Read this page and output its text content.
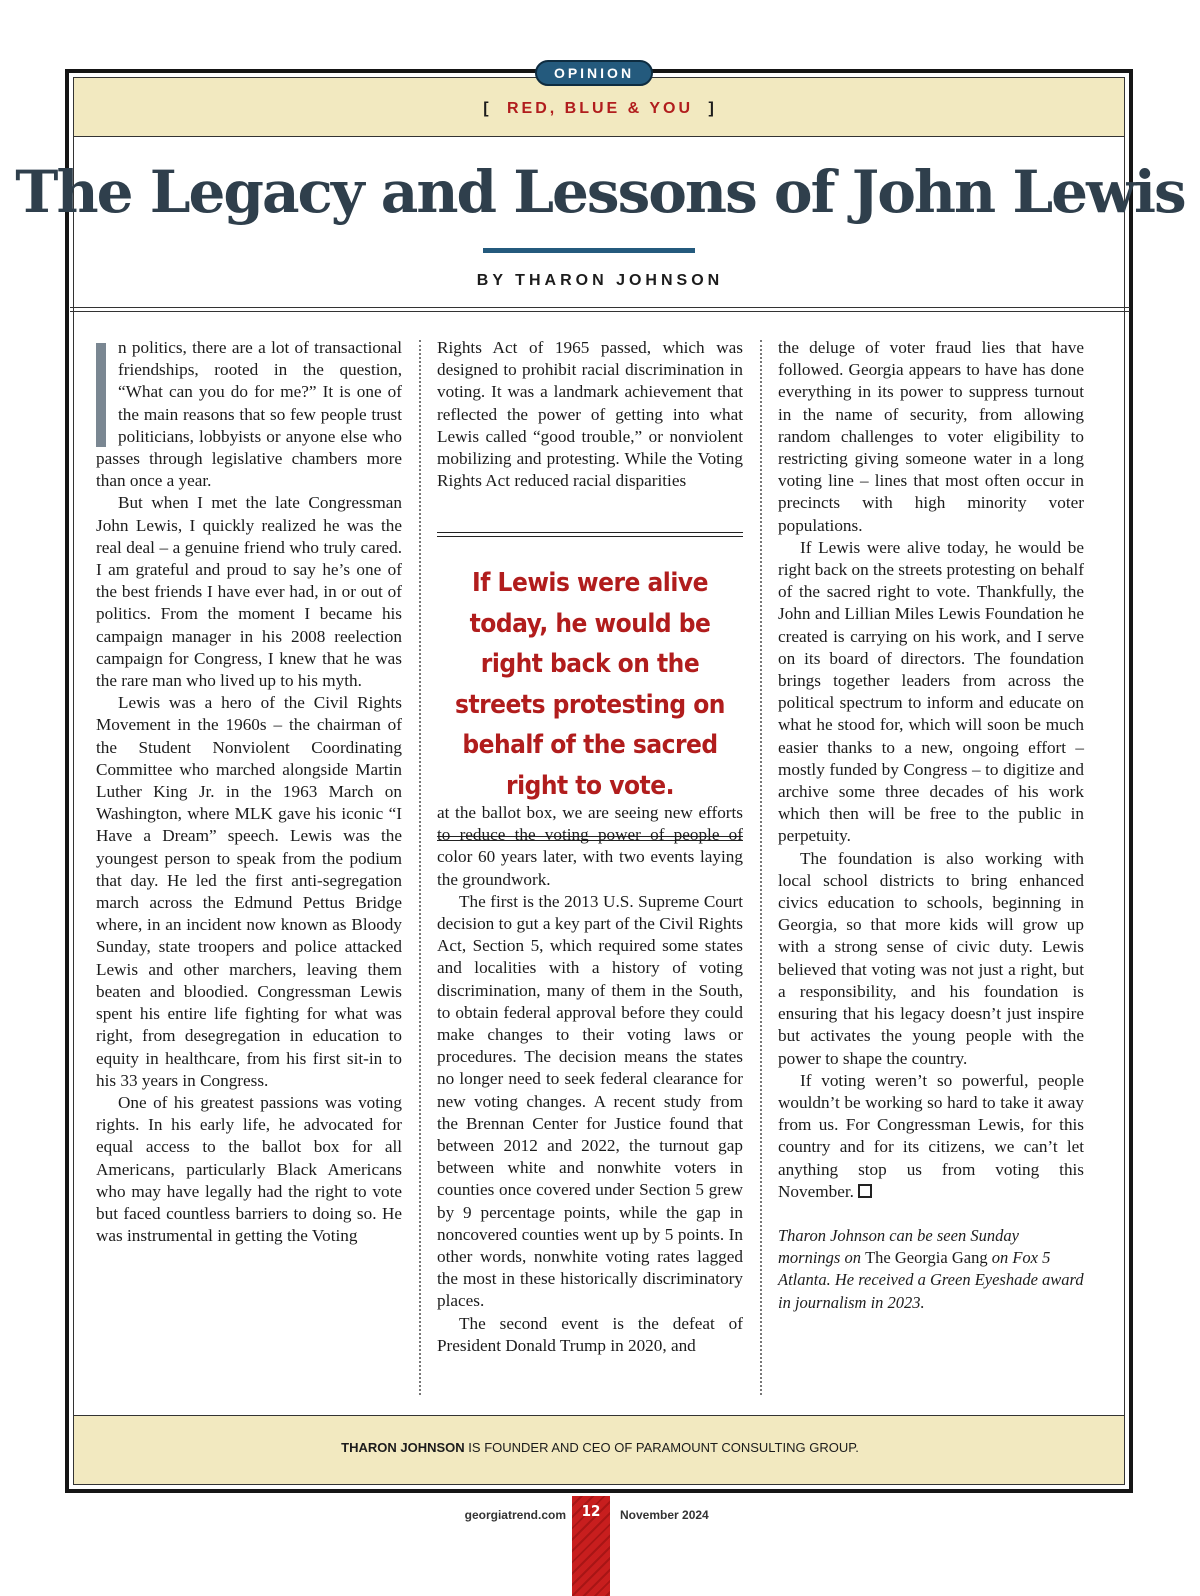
OPINION
[ RED, BLUE & YOU ]
The Legacy and Lessons of John Lewis
BY THARON JOHNSON

n politics, there are a lot of transactional friendships, rooted in the question, “What can you do for me?” It is one of the main reasons that so few people trust politicians, lobbyists or anyone else who passes through legislative chambers more than once a year.

But when I met the late Congressman John Lewis, I quickly realized he was the real deal – a genuine friend who truly cared. I am grateful and proud to say he’s one of the best friends I have ever had, in or out of politics. From the moment I became his campaign manager in his 2008 reelection campaign for Congress, I knew that he was the rare man who lived up to his myth.

Lewis was a hero of the Civil Rights Movement in the 1960s – the chairman of the Student Nonviolent Coordinating Committee who marched alongside Martin Luther King Jr. in the 1963 March on Washington, where MLK gave his iconic “I Have a Dream” speech. Lewis was the youngest person to speak from the podium that day. He led the first anti-segregation march across the Edmund Pettus Bridge where, in an incident now known as Bloody Sunday, state troopers and police attacked Lewis and other marchers, leaving them beaten and bloodied. Congressman Lewis spent his entire life fighting for what was right, from desegregation in education to equity in healthcare, from his first sit-in to his 33 years in Congress.

One of his greatest passions was voting rights. In his early life, he advocated for equal access to the ballot box for all Americans, particularly Black Americans who may have legally had the right to vote but faced countless barriers to doing so. He was instrumental in getting the Voting

Rights Act of 1965 passed, which was designed to prohibit racial discrimination in voting. It was a landmark achievement that reflected the power of getting into what Lewis called “good trouble,” or nonviolent mobilizing and protesting. While the Voting Rights Act reduced racial disparities

If Lewis were alive today, he would be right back on the streets protesting on behalf of the sacred right to vote.

at the ballot box, we are seeing new efforts to reduce the voting power of people of color 60 years later, with two events laying the groundwork.

The first is the 2013 U.S. Supreme Court decision to gut a key part of the Civil Rights Act, Section 5, which required some states and localities with a history of voting discrimination, many of them in the South, to obtain federal approval before they could make changes to their voting laws or procedures. The decision means the states no longer need to seek federal clearance for new voting changes. A recent study from the Brennan Center for Justice found that between 2012 and 2022, the turnout gap between white and nonwhite voters in counties once covered under Section 5 grew by 9 percentage points, while the gap in noncovered counties went up by 5 points. In other words, nonwhite voting rates lagged the most in these historically discriminatory places.

The second event is the defeat of President Donald Trump in 2020, and

the deluge of voter fraud lies that have followed. Georgia appears to have has done everything in its power to suppress turnout in the name of security, from allowing random challenges to voter eligibility to restricting giving someone water in a long voting line – lines that most often occur in precincts with high minority voter populations.

If Lewis were alive today, he would be right back on the streets protesting on behalf of the sacred right to vote. Thankfully, the John and Lillian Miles Lewis Foundation he created is carrying on his work, and I serve on its board of directors. The foundation brings together leaders from across the political spectrum to inform and educate on what he stood for, which will soon be much easier thanks to a new, ongoing effort – mostly funded by Congress – to digitize and archive some three decades of his work which then will be free to the public in perpetuity.

The foundation is also working with local school districts to bring enhanced civics education to schools, beginning in Georgia, so that more kids will grow up with a strong sense of civic duty. Lewis believed that voting was not just a right, but a responsibility, and his foundation is ensuring that his legacy doesn’t just inspire but activates the young people with the power to shape the country.

If voting weren’t so powerful, people wouldn’t be working so hard to take it away from us. For Congressman Lewis, for this country and for its citizens, we can’t let anything stop us from voting this November.

Tharon Johnson can be seen Sunday mornings on The Georgia Gang on Fox 5 Atlanta. He received a Green Eyeshade award in journalism in 2023.

THARON JOHNSON IS FOUNDER AND CEO OF PARAMOUNT CONSULTING GROUP.
georgiatrend.com	November 2024
12
